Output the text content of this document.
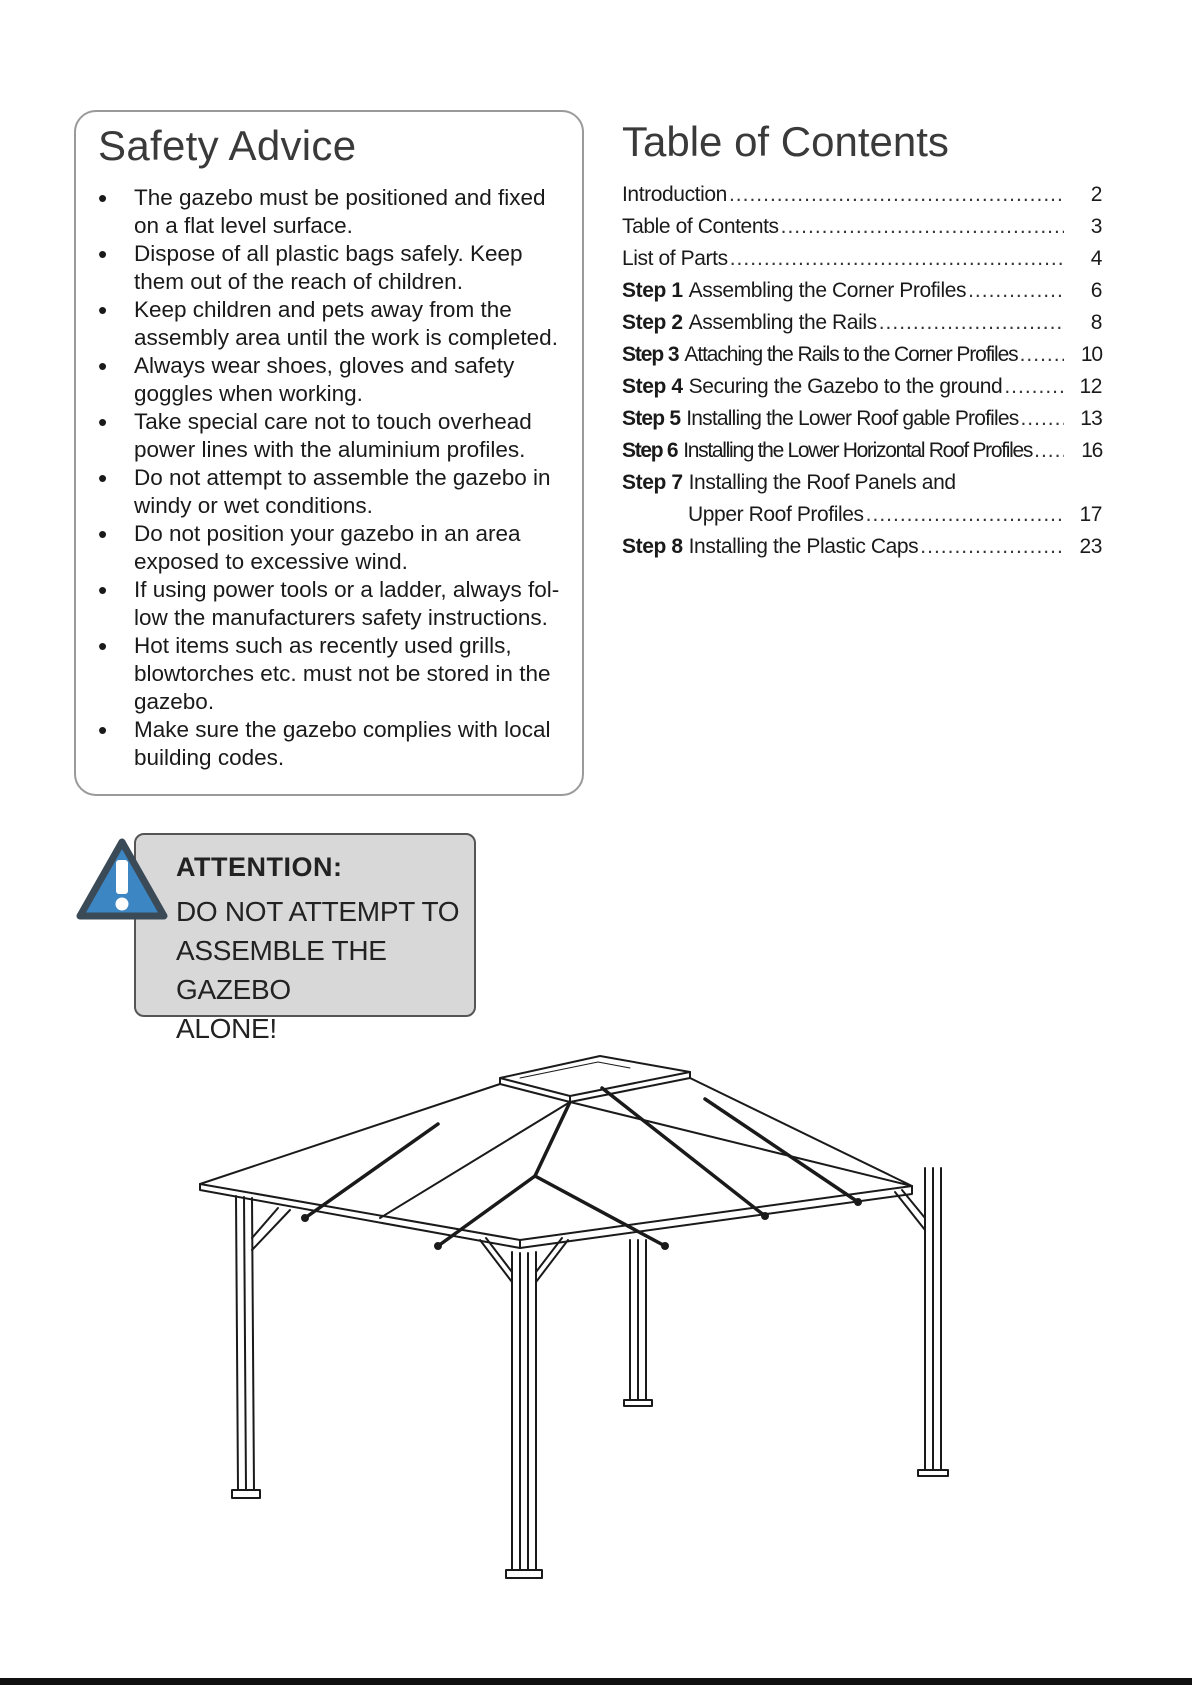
Safety Advice
• The gazebo must be positioned and fixed on a flat level surface.
• Dispose of all plastic bags safely. Keep them out of the reach of children.
• Keep children and pets away from the assembly area until the work is completed.
• Always wear shoes, gloves and safety goggles when working.
• Take special care not to touch overhead power lines with the aluminium profiles.
• Do not attempt to assemble the gazebo in windy or wet conditions.
• Do not position your gazebo in an area exposed to excessive wind.
• If using power tools or a ladder, always fol-low the manufacturers safety instructions.
• Hot items such as recently used grills, blowtorches etc. must not be stored in the gazebo.
• Make sure the gazebo complies with local building codes.
Table of Contents
Introduction .....	2
Table of Contents .....	3
List of Parts .....	4
Step 1 Assembling the Corner Profiles .....	6
Step 2 Assembling the Rails .....	8
Step 3 Attaching the Rails to the Corner Profiles .....	10
Step 4 Securing the Gazebo to the ground .....	12
Step 5 Installing the Lower Roof gable Profiles .....	13
Step 6 Installing the Lower Horizontal Roof Profiles .....	16
Step 7 Installing the Roof Panels and
Upper Roof Profiles .....	17
Step 8 Installing the Plastic Caps .....	23
ATTENTION:
DO NOT ATTEMPT TO
ASSEMBLE THE GAZEBO
ALONE!
